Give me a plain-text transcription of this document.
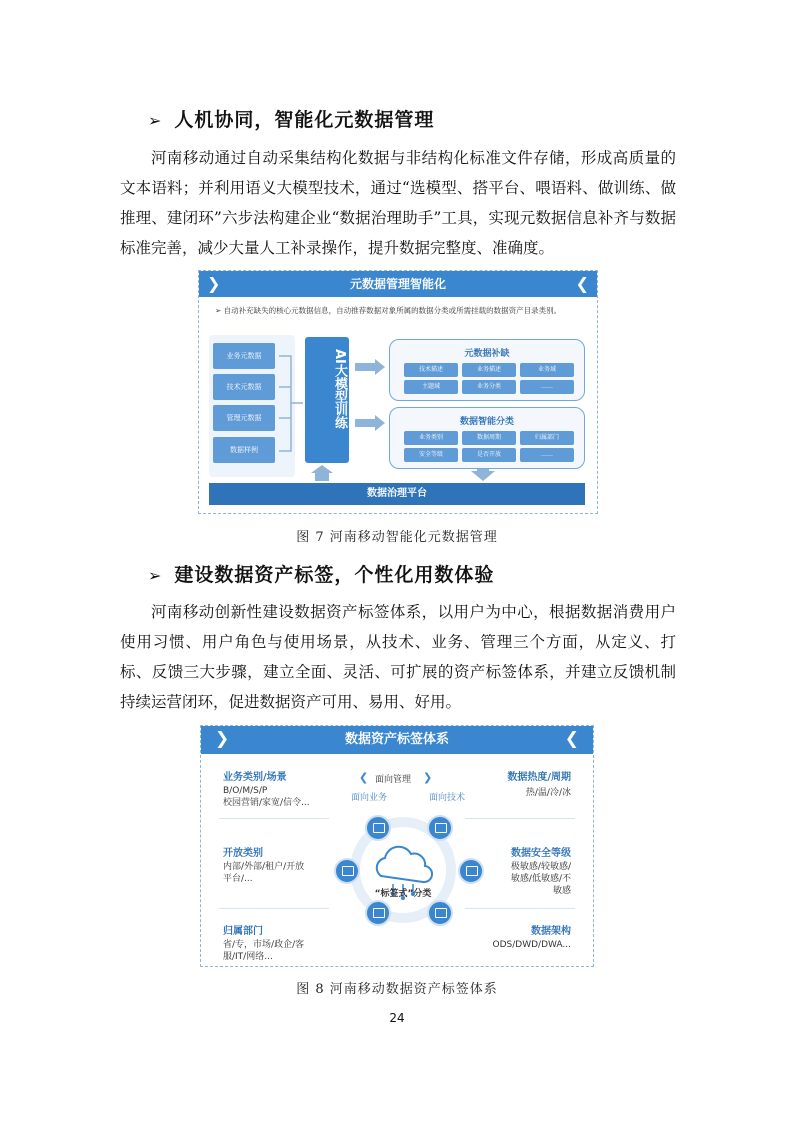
➢ 人机协同，智能化元数据管理

河南移动通过自动采集结构化数据与非结构化标准文件存储，形成高质量的文本语料；并利用语义大模型技术，通过“选模型、搭平台、喂语料、做训练、做推理、建闭环”六步法构建企业“数据治理助手”工具，实现元数据信息补齐与数据标准完善，减少大量人工补录操作，提升数据完整度、准确度。

元数据管理智能化
❯	❮
➢ 自动补充缺失的核心元数据信息，自动推荐数据对象所属的数据分类或所需挂载的数据资产目录类别。
业务元数据
技术元数据
管理元数据
数据样例
AI大模型训练	元数据补缺
技术描述	业务描述	业务域
主题域	业务分类	……
数据智能分类
业务类别	数据周期	归属部门
安全等级	是否开放	……
数据治理平台
图 7 河南移动智能化元数据管理
➢ 建设数据资产标签，个性化用数体验

河南移动创新性建设数据资产标签体系，以用户为中心，根据数据消费用户使用习惯、用户角色与使用场景，从技术、业务、管理三个方面，从定义、打标、反馈三大步骤，建立全面、灵活、可扩展的资产标签体系，并建立反馈机制持续运营闭环，促进数据资产可用、易用、好用。

数据资产标签体系
❯	❮
业务类别/场景
B/O/M/S/P
校园营销/家宽/信令...
开放类别
内部/外部/租户/开放
平台/...
归属部门
省/专，市场/政企/客
服/IT/网络...
❮ 面向管理 ❯
面向业务	面向技术
“标签式”分类
数据热度/周期
热/温/冷/冰
数据安全等级
极敏感/较敏感/
敏感/低敏感/不
敏感
数据架构
ODS/DWD/DWA...
图 8 河南移动数据资产标签体系
24
